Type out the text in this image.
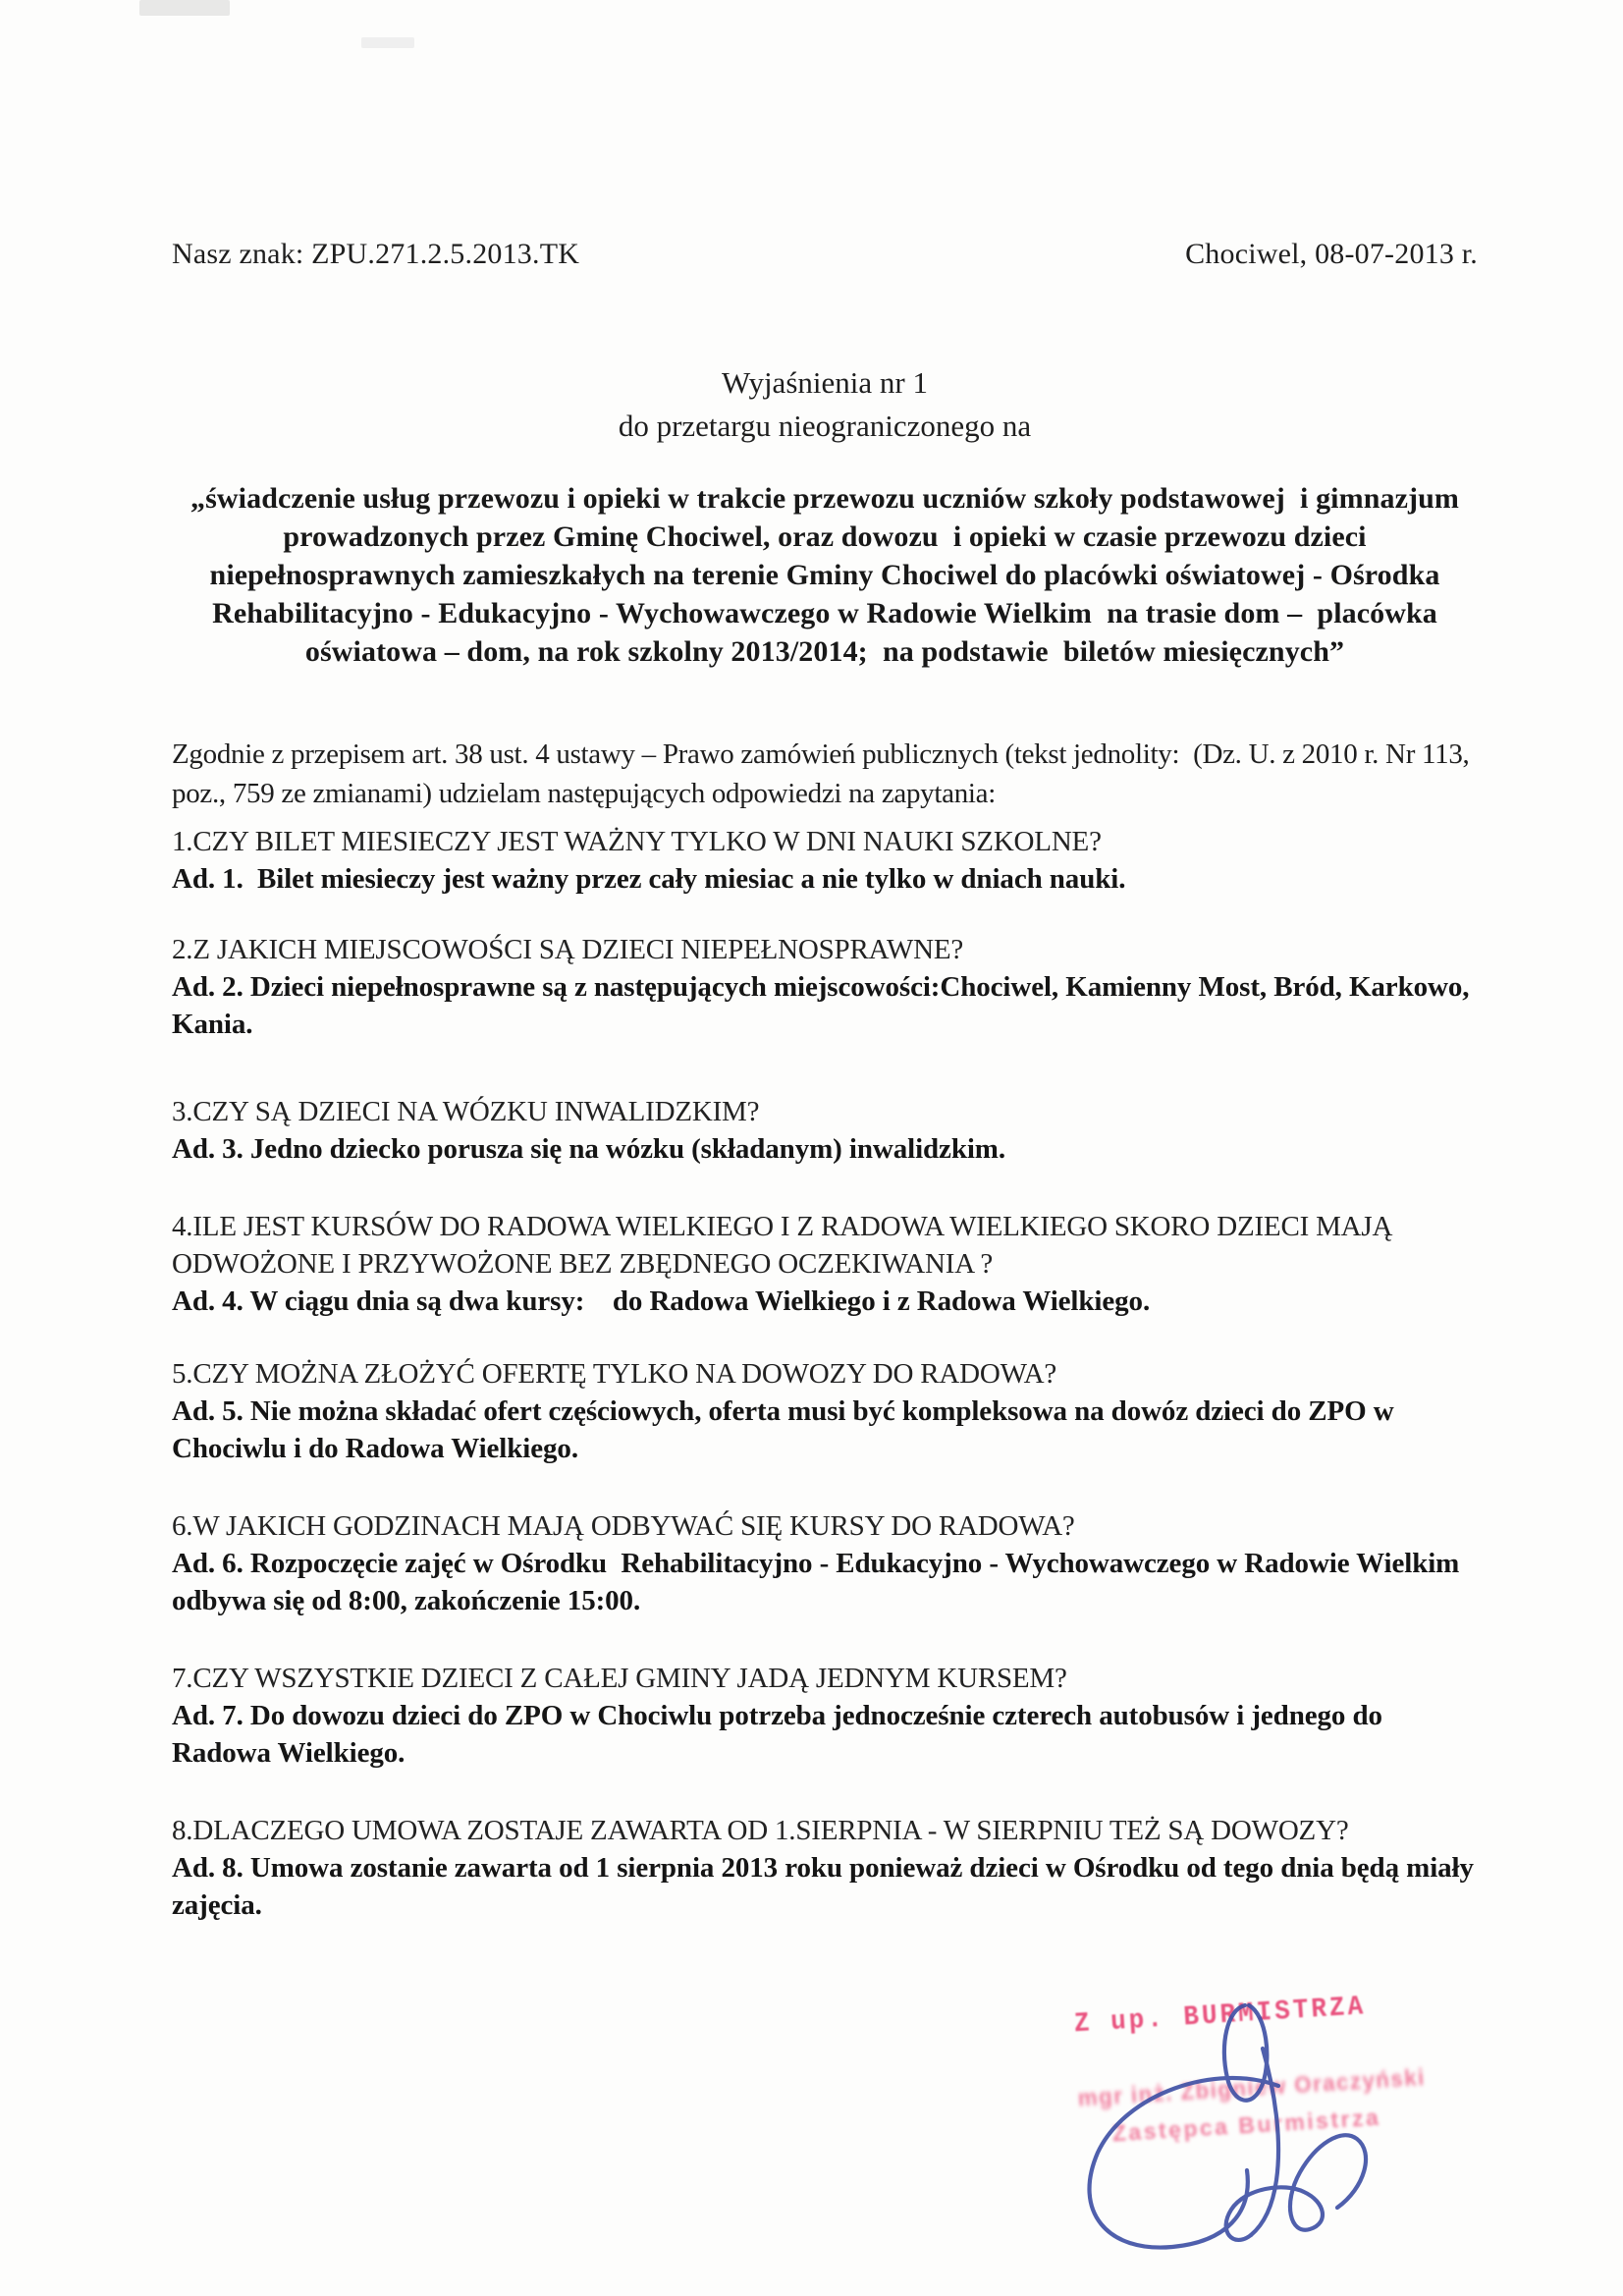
Nasz znak: ZPU.271.2.5.2013.TK	Chociwel, 08-07-2013 r.
Wyjaśnienia nr 1
do przetargu nieograniczonego na
„świadczenie usług przewozu i opieki w trakcie przewozu uczniów szkoły podstawowej  i gimnazjum prowadzonych przez Gminę Chociwel, oraz dowozu  i opieki w czasie przewozu dzieci  niepełnosprawnych zamieszkałych na terenie Gminy Chociwel do placówki oświatowej - Ośrodka  Rehabilitacyjno - Edukacyjno - Wychowawczego w Radowie Wielkim  na trasie dom –  placówka oświatowa – dom, na rok szkolny 2013/2014;  na podstawie  biletów miesięcznych”
Zgodnie z przepisem art. 38 ust. 4 ustawy – Prawo zamówień publicznych (tekst jednolity:  (Dz. U. z 2010 r. Nr 113, poz., 759 ze zmianami) udzielam następujących odpowiedzi na zapytania:
1.CZY BILET MIESIECZY JEST WAŻNY TYLKO W DNI NAUKI SZKOLNE?
Ad. 1.  Bilet miesieczy jest ważny przez cały miesiac a nie tylko w dniach nauki.
2.Z JAKICH MIEJSCOWOŚCI SĄ DZIECI NIEPEŁNOSPRAWNE?
Ad. 2. Dzieci niepełnosprawne są z następujących miejscowości:Chociwel, Kamienny Most, Bród, Karkowo, Kania.
3.CZY SĄ DZIECI NA WÓZKU INWALIDZKIM?
Ad. 3. Jedno dziecko porusza się na wózku (składanym) inwalidzkim.
4.ILE JEST KURSÓW DO RADOWA WIELKIEGO I Z RADOWA WIELKIEGO SKORO DZIECI MAJĄ ODWOŻONE I PRZYWOŻONE BEZ ZBĘDNEGO OCZEKIWANIA ?
Ad. 4. W ciągu dnia są dwa kursy:    do Radowa Wielkiego i z Radowa Wielkiego.
5.CZY MOŻNA ZŁOŻYĆ OFERTĘ TYLKO NA DOWOZY DO RADOWA?
Ad. 5. Nie można składać ofert częściowych, oferta musi być kompleksowa na dowóz dzieci do ZPO w Chociwlu i do Radowa Wielkiego.
6.W JAKICH GODZINACH MAJĄ ODBYWAĆ SIĘ KURSY DO RADOWA?
Ad. 6. Rozpoczęcie zajęć w Ośrodku  Rehabilitacyjno - Edukacyjno - Wychowawczego w Radowie Wielkim  odbywa się od 8:00, zakończenie 15:00.
7.CZY WSZYSTKIE DZIECI Z CAŁEJ GMINY JADĄ JEDNYM KURSEM?
Ad. 7. Do dowozu dzieci do ZPO w Chociwlu potrzeba jednocześnie czterech autobusów i jednego do Radowa Wielkiego.
8.DLACZEGO UMOWA ZOSTAJE ZAWARTA OD 1.SIERPNIA - W SIERPNIU TEŻ SĄ DOWOZY?
Ad. 8. Umowa zostanie zawarta od 1 sierpnia 2013 roku ponieważ dzieci w Ośrodku od tego dnia będą miały zajęcia.
Z up. BURMISTRZA
mgr inż. Zbigniew Oraczyński
Zastępca Burmistrza
